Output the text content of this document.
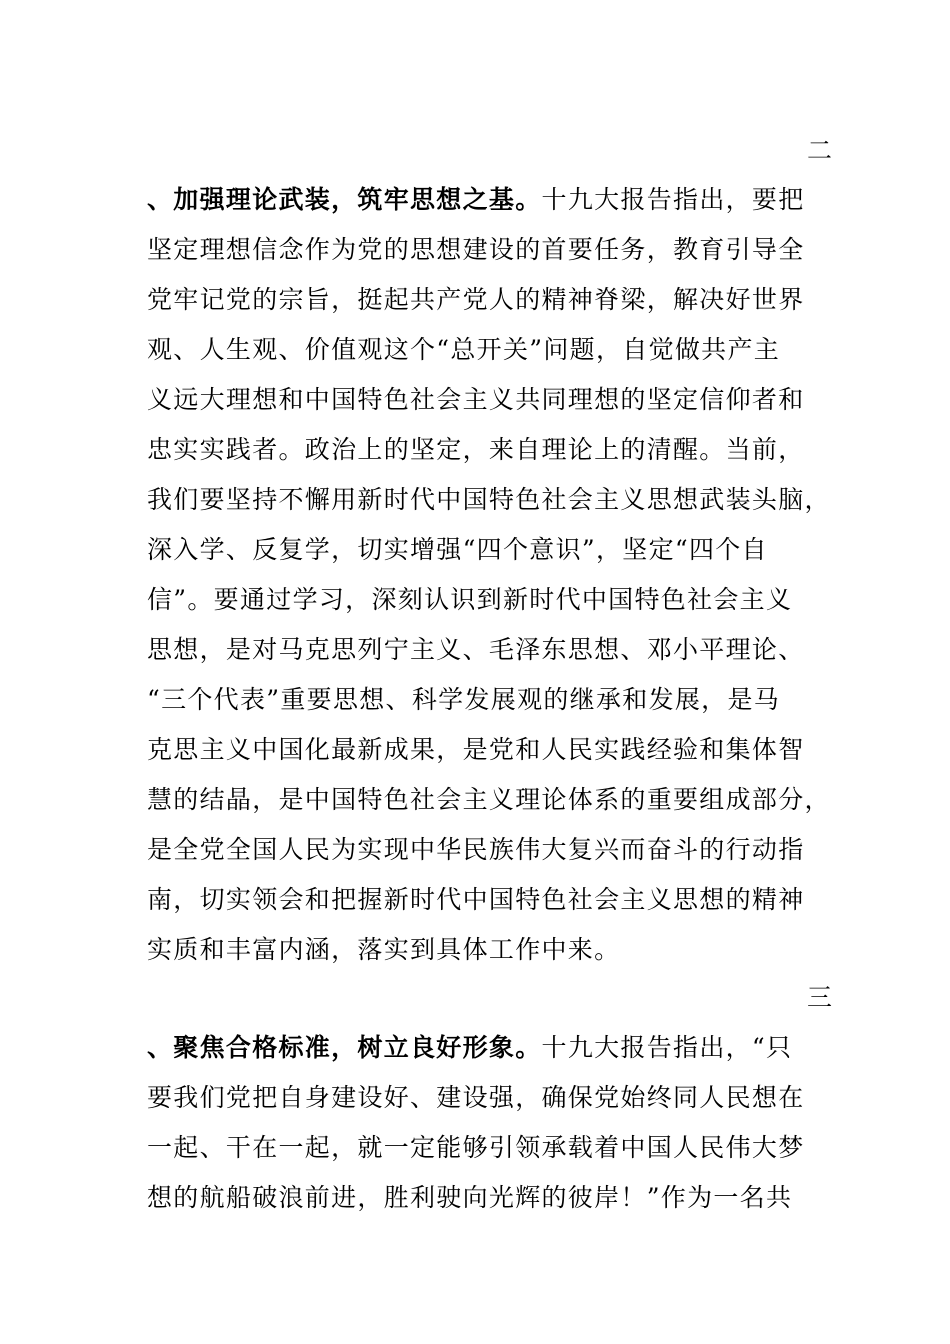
二
、加强理论武装，筑牢思想之基。十九大报告指出，要把
坚定理想信念作为党的思想建设的首要任务，教育引导全
党牢记党的宗旨，挺起共产党人的精神脊梁，解决好世界
观、人生观、价值观这个“总开关”问题，自觉做共产主
义远大理想和中国特色社会主义共同理想的坚定信仰者和
忠实实践者。政治上的坚定，来自理论上的清醒。当前，
我们要坚持不懈用新时代中国特色社会主义思想武装头脑，
深入学、反复学，切实增强“四个意识”，坚定“四个自
信”。要通过学习，深刻认识到新时代中国特色社会主义
思想，是对马克思列宁主义、毛泽东思想、邓小平理论、
“三个代表”重要思想、科学发展观的继承和发展，是马
克思主义中国化最新成果，是党和人民实践经验和集体智
慧的结晶，是中国特色社会主义理论体系的重要组成部分，
是全党全国人民为实现中华民族伟大复兴而奋斗的行动指
南，切实领会和把握新时代中国特色社会主义思想的精神
实质和丰富内涵，落实到具体工作中来。
三
、聚焦合格标准，树立良好形象。十九大报告指出，“只
要我们党把自身建设好、建设强，确保党始终同人民想在
一起、干在一起，就一定能够引领承载着中国人民伟大梦
想的航船破浪前进，胜利驶向光辉的彼岸！”作为一名共
